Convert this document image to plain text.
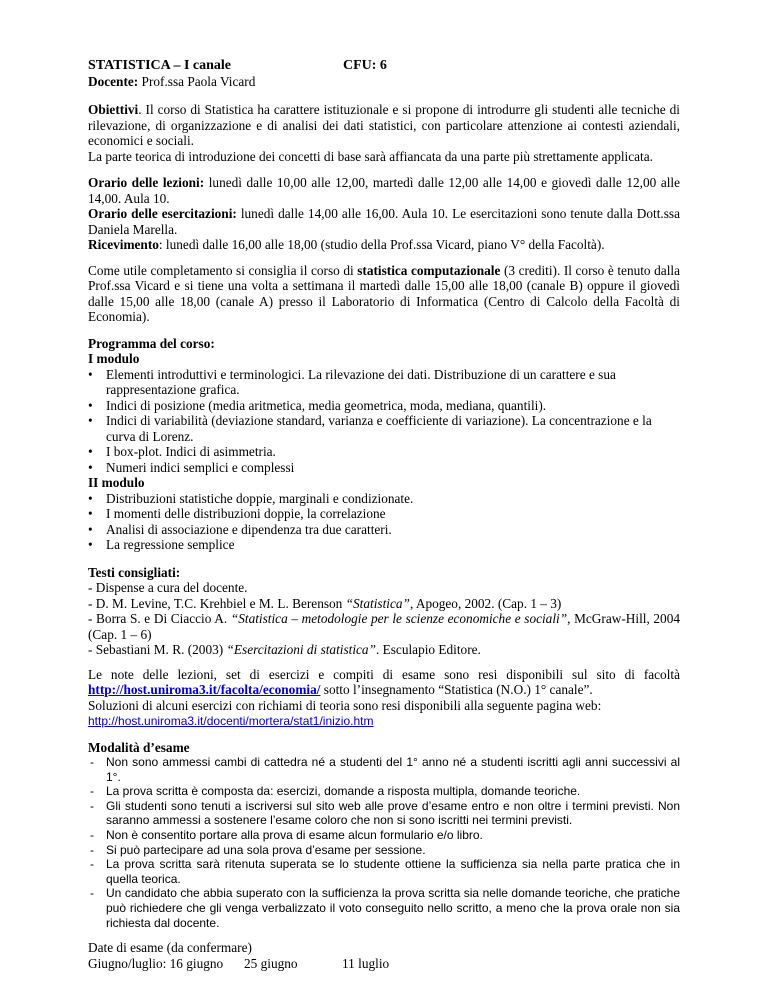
STATISTICA – I canale	CFU: 6

Docente: Prof.ssa Paola Vicard

Obiettivi. Il corso di Statistica ha carattere istituzionale e si propone di introdurre gli studenti alle tecniche di rilevazione, di organizzazione e di analisi dei dati statistici, con particolare attenzione ai contesti aziendali, economici e sociali.

La parte teorica di introduzione dei concetti di base sarà affiancata da una parte più strettamente applicata.

Orario delle lezioni: lunedì dalle 10,00 alle 12,00, martedì dalle 12,00 alle 14,00 e giovedì dalle 12,00 alle 14,00. Aula 10.

Orario delle esercitazioni: lunedì dalle 14,00 alle 16,00. Aula 10. Le esercitazioni sono tenute dalla Dott.ssa Daniela Marella.

Ricevimento: lunedì dalle 16,00 alle 18,00 (studio della Prof.ssa Vicard, piano V° della Facoltà).

Come utile completamento si consiglia il corso di statistica computazionale (3 crediti). Il corso è tenuto dalla Prof.ssa Vicard e si tiene una volta a settimana il martedì dalle 15,00 alle 18,00 (canale B) oppure il giovedì dalle 15,00 alle 18,00 (canale A) presso il Laboratorio di Informatica (Centro di Calcolo della Facoltà di Economia).

Programma del corso:

I modulo

• Elementi introduttivi e terminologici. La rilevazione dei dati. Distribuzione di un carattere e sua rappresentazione grafica.
• Indici di posizione (media aritmetica, media geometrica, moda, mediana, quantili).
• Indici di variabilità (deviazione standard, varianza e coefficiente di variazione). La concentrazione e la curva di Lorenz.
• I box-plot. Indici di asimmetria.
• Numeri indici semplici e complessi

II modulo

• Distribuzioni statistiche doppie, marginali e condizionate.
• I momenti delle distribuzioni doppie, la correlazione
• Analisi di associazione e dipendenza tra due caratteri.
• La regressione semplice

Testi consigliati:

- Dispense a cura del docente.

- D. M. Levine, T.C. Krehbiel e M. L. Berenson “Statistica”, Apogeo, 2002. (Cap. 1 – 3)

- Borra S. e Di Ciaccio A. “Statistica – metodologie per le scienze economiche e sociali”, McGraw-Hill, 2004 (Cap. 1 – 6)

- Sebastiani M. R. (2003) “Esercitazioni di statistica”. Esculapio Editore.

Le note delle lezioni, set di esercizi e compiti di esame sono resi disponibili sul sito di facoltà http://host.uniroma3.it/facolta/economia/ sotto l’insegnamento “Statistica (N.O.) 1° canale”.

Soluzioni di alcuni esercizi con richiami di teoria sono resi disponibili alla seguente pagina web:

http://host.uniroma3.it/docenti/mortera/stat1/inizio.htm

Modalità d’esame

- Non sono ammessi cambi di cattedra né a studenti del 1° anno né a studenti iscritti agli anni successivi al 1°.
- La prova scritta è composta da: esercizi, domande a risposta multipla, domande teoriche.
- Gli studenti sono tenuti a iscriversi sul sito web alle prove d’esame entro e non oltre i termini previsti. Non saranno ammessi a sostenere l’esame coloro che non si sono iscritti nei termini previsti.
- Non è consentito portare alla prova di esame alcun formulario e/o libro.
- Si può partecipare ad una sola prova d’esame per sessione.
- La prova scritta sarà ritenuta superata se lo studente ottiene la sufficienza sia nella parte pratica che in quella teorica.
- Un candidato che abbia superato con la sufficienza la prova scritta sia nelle domande teoriche, che pratiche può richiedere che gli venga verbalizzato il voto conseguito nello scritto, a meno che la prova orale non sia richiesta dal docente.

Date di esame (da confermare)

Giugno/luglio: 16 giugno	25 giugno	11 luglio
